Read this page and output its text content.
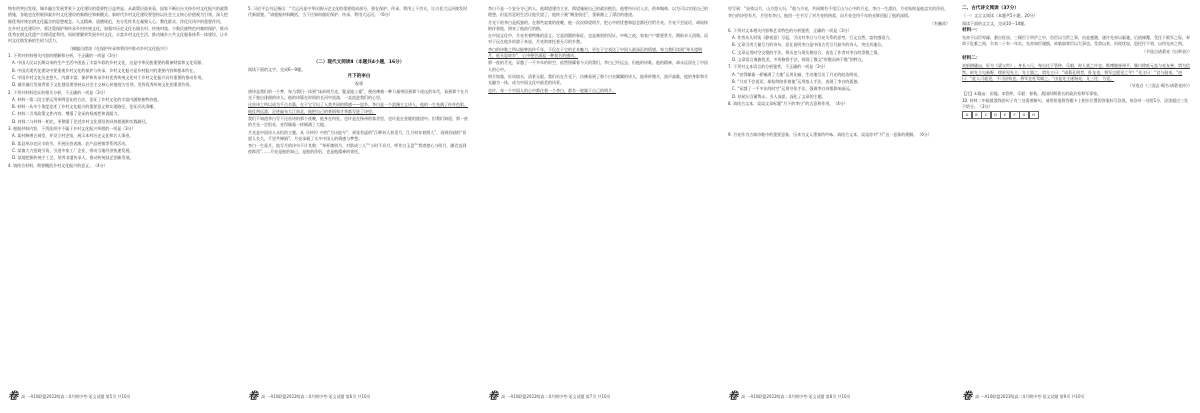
物有所突出发现。城乡融合发展背景下文化建设的重要性日益突显。从政策层面来看，国家不断出台支持乡村文化振兴的政策措施，各地也在积极探索乡村文化建设的新路径和新模式。新时代乡村文化建设要坚持以社会主义核心价值观为引领，深入挖掘优秀传统农耕文化蕴含的思想观念、人文精神、道德规范，充分发挥其在凝聚人心、教化群众、淳化民风中的重要作用。

在乡村文化建设中，要注重保护和传承乡村传统文化，加强对历史文化名镇名村、传统村落、少数民族特色村寨的保护，推动优秀农耕文化遗产合理适度利用。同时要繁荣发展乡村文化，丰富乡村文化生活，推动城乡公共文化服务体系一体建设，让乡村文化焕发新的生机与活力。

（摘编自徐涛《在保护传承和利用中推动乡村文化振兴》）

1. 下列对材料相关内容的理解和分析，不正确的一项是（3分）

A. 中国人民以长期以来的生产生活中创造了丰富多彩的乡村文化，这是中华民族重要的精神财富和文化资源。

B. 中国式现代化建设中要重视乡村文化的保护与传承，乡村文化振兴是乡村振兴的重要内容和根本所在。

C. 中国乡村文化历史悠久，内涵丰富，保护和传承乡村优秀传统文化对于乡村文化振兴具有重要的推动作用。

D. 城乡融合发展背景下文化建设要坚持以社会主义核心价值观为引领，发挥优秀传统文化的重要作用。

2. 下列对材料论证的相关分析，不正确的一项是（3分）

A. 材料一第二段主要运用举例论证的方法，论证了乡村文化的丰富内涵和独特价值。

B. 材料一从多个角度论述了乡村文化振兴的重要意义和实现路径，论证层次清晰。

C. 材料二引用政策文件内容，增强了论证的权威性和说服力。

D. 材料二与材料一相比，更侧重于论述乡村文化建设的具体措施和实践路径。

3. 根据材料内容，下列选项中不属于乡村文化振兴举措的一项是（3分）

A. 某村修缮古祠堂，并设立村史馆，展示本村历史文化和名人事迹。

B. 某县举办农民丰收节，开展民俗表演、农产品展销等系列活动。

C. 某镇大力招商引资，引进多家工厂企业，带动当地经济快速发展。

D. 某地挖掘传统手工艺，培养非遗传承人，推动传统技艺创新发展。

4. 请结合材料，简要概括乡村文化振兴的意义。（4分）

5. 习近平总书记指出：“大运河是中华民族历史文化的重要组成部分，要在保护、传承、利用上下功夫，让古老大运河焕发时代新面貌。”请根据材料概括，当下应如何做好保护、传承、利用大运河。（6分）

（二）现代文阅读Ⅱ（本题共4小题，16分）

阅读下面的文字，完成6～9题。

月下的李白

祝勇

唐诗是我们的一个梦，每当我们一读到“床前明月光，疑是地上霜”，便仿佛被一种力量带回到那个遥远的年代，看到那个在月光下独自徘徊的诗人。他的诗篇在时间的长河中流淌，一直流进我们的心里。

这首诗之所以成为千古名篇，在于它写出了人类共同的情感——思乡。李白是一个浪漫主义诗人，他的一生充满了传奇色彩。他仗剑远游，足迹遍布大江南北，他把自己的豪情和才华都写进了诗里。

我们不知道李白写下这首诗的那个夜晚，他身在何处。也许是在扬州的客舍里，也许是在金陵的旅途中。但我们知道，那一夜的月光一定很亮，亮得像霜一样铺满了大地。

月光是中国诗人永恒的主题。从《诗经》中的“月出皎兮”，到张若虚的“江畔何人初见月，江月何年初照人”，再到苏轼的“但愿人长久，千里共婵娟”，月亮承载了太多中国人的情感与梦想。

李白一生爱月。他写月的诗句不计其数：“举杯邀明月，对影成三人”“小时不识月，呼作白玉盘”“我寄愁心与明月，随君直到夜郎西”……月亮是他的知己，是他的伴侣，也是他精神的寄托。

李白不是一个安分守己的人。他渴望建功立业，渴望施展自己的政治抱负。他曾经应诏入京，供奉翰林，以为可以实现自己的理想，但是宫廷的生活让他失望了，他终于被“赐金放还”，重新踏上了漂泊的旅途。

月光下的李白是孤独的。在那些寂寞的夜晚，他一次次仰望明月，把心中的忧愁和思念都托付给月亮。月亮不会说话，却始终陪伴着他，照亮了他前行的路。

在中国文化中，月亮有着特殊的意义。它是团圆的象征，也是离别的见证。中秋之夜，家家户户都要赏月，期盼亲人团聚。而对于远在他乡的游子来说，月亮则寄托着无尽的乡愁。

李白的诗歌之所以能够流传千年，不仅在于它的艺术魅力，更在于它表达了中国人最深沉的情感。每当我们读到“举头望明月，低头思故乡”，心中便会涌起一种莫名的感动。

那一夜的月光，穿越了一千多年的时空，依然照耀着今天的我们。李白已经远去，但他的诗歌、他的精神，却永远留在了中国人的心中。

明月如霜，好风如水，清景无限。我们站在月光下，仿佛看到了那个白衣飘飘的诗人，他举杯邀月，放声高歌，他的身影和月光融为一体，成为中国文化中最美的风景。

也许，每一个中国人的心中都住着一个李白，都有一轮属于自己的明月。

里写到：“昼夜以月，山月悠人归，”他与月亮，共同拥有千里江山与心中的月光。李白一生漂泊，月亮始终是他忠实的伴侣。

李白的诗里有月，月里有李白。他用一生书写了对月亮的热爱，而月亮也用千年的光辉回报了他的深情。

（有删改）

6. 下列对文本相关内容和艺术特色的分析鉴赏，正确的一项是（3分）

A. 作者从儿时读《静夜思》写起，引出对李白与月亮关系的思考，行文自然，富有感染力。

B. 文章引用大量写月的诗句，意在说明李白是中国古代写月最多的诗人，突出其地位。

C. 文章运用时空交错的手法，将历史与现实相结合，表达了作者对李白的崇敬之情。

D. 文章语言典雅优美，多用修辞手法，体现了散文“形散而神不散”的特点。

7. 下列对文本语言的分析鉴赏，不正确的一项是（3分）

A. “亮得像霜一样铺满了大地”运用比喻，生动地写出了月光的皎洁明亮。

B. “月亮不会说话，却始终陪伴着他”运用拟人手法，表现了李白的孤独。

C. “穿越了一千多年的时空”运用夸张手法，强调李白诗歌影响深远。

D. 结尾句含蓄隽永，引人深思，深化了文章的主题。

8. 请结合文本，谈谈文章标题“月下的李白”的含意和作用。（4分）

9. 月亮作为古典诗歌中的重要意象，历来为文人墨客所吟咏。请结合文本，谈谈你对“月”这一意象的理解。（6分）

二、古代诗文阅读（37分）

（一）文言文阅读（本题共5小题，20分）

阅读下面的文言文，完成10～14题。

材料一：

先帝不以臣卑鄙，猥自枉屈，三顾臣于草庐之中，咨臣以当世之事，由是感激，遂许先帝以驱驰。后值倾覆，受任于败军之际，奉命于危难之间，尔来二十有一年矣。先帝知臣谨慎，故临崩寄臣以大事也。受命以来，夙夜忧叹，恐托付不效，以伤先帝之明。

（节选自诸葛亮《出师表》）

材料二：

亮躬耕陇亩，好为《梁父吟》。身长八尺，每自比于管仲、乐毅，时人莫之许也。惟博陵崔州平、颍川徐庶元直与亮友善，谓为信然。时先主屯新野。徐庶见先主，先主器之，谓先主曰：“诸葛孔明者，卧龙也，将军岂愿见之乎？”先主曰：“君与俱来。”庶曰：“此人可就见，不可屈致也。将军宜枉驾顾之。”由是先主遂诣亮，凡三往，乃见。

（节选自《三国志·蜀书·诸葛亮传》）

【注】①陇亩：田地。②管仲、乐毅：春秋、战国时期著名的政治家和军事家。

10. 材料二中画波浪线的句子有三处需要断句，请用铅笔将答题卡上相应位置的答案标号涂黑。每涂对一处给1分，涂黑超过三处不给分。（3分）

A B C D E F G H

卷 高一·A10联盟2023级高二4月期中考·语文试题 第5页 共10页	卷 高一·A10联盟2023级高二4月期中考·语文试题 第6页 共10页	卷 高一·A10联盟2023级高二4月期中考·语文试题 第7页 共10页	卷 高一·A10联盟2023级高二4月期中考·语文试题 第8页 共10页	卷 高一·A10联盟2023级高二4月期中考·语文试题 第9页 共10页
